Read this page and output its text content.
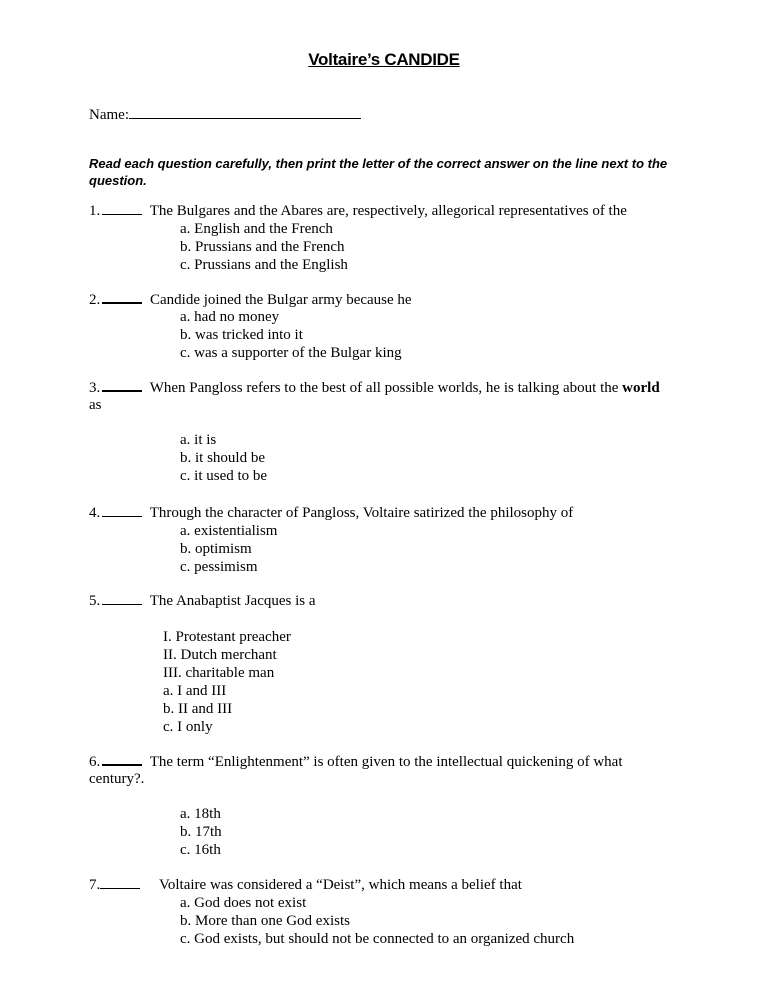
Voltaire’s CANDIDE
Name:
Read each question carefully, then print the letter of the correct answer on the line next to the question.
1.	The Bulgares and the Abares are, respectively, allegorical representatives of the
a. English and the French
b. Prussians and the French
c. Prussians and the English
2.	Candide joined the Bulgar army because he
a. had no money
b. was tricked into it
c. was a supporter of the Bulgar king
3.	When Pangloss refers to the best of all possible worlds, he is talking about the world
as
a. it is
b. it should be
c. it used to be
4.	Through the character of Pangloss, Voltaire satirized the philosophy of
a. existentialism
b. optimism
c. pessimism
5.	The Anabaptist Jacques is a
I. Protestant preacher
II. Dutch merchant
III. charitable man
a. I and III
b. II and III
c. I only
6.	The term “Enlightenment” is often given to the intellectual quickening of what
century?.
a. 18th
b. 17th
c. 16th
7.	Voltaire was considered a “Deist”, which means a belief that
a. God does not exist
b. More than one God exists
c. God exists, but should not be connected to an organized church
